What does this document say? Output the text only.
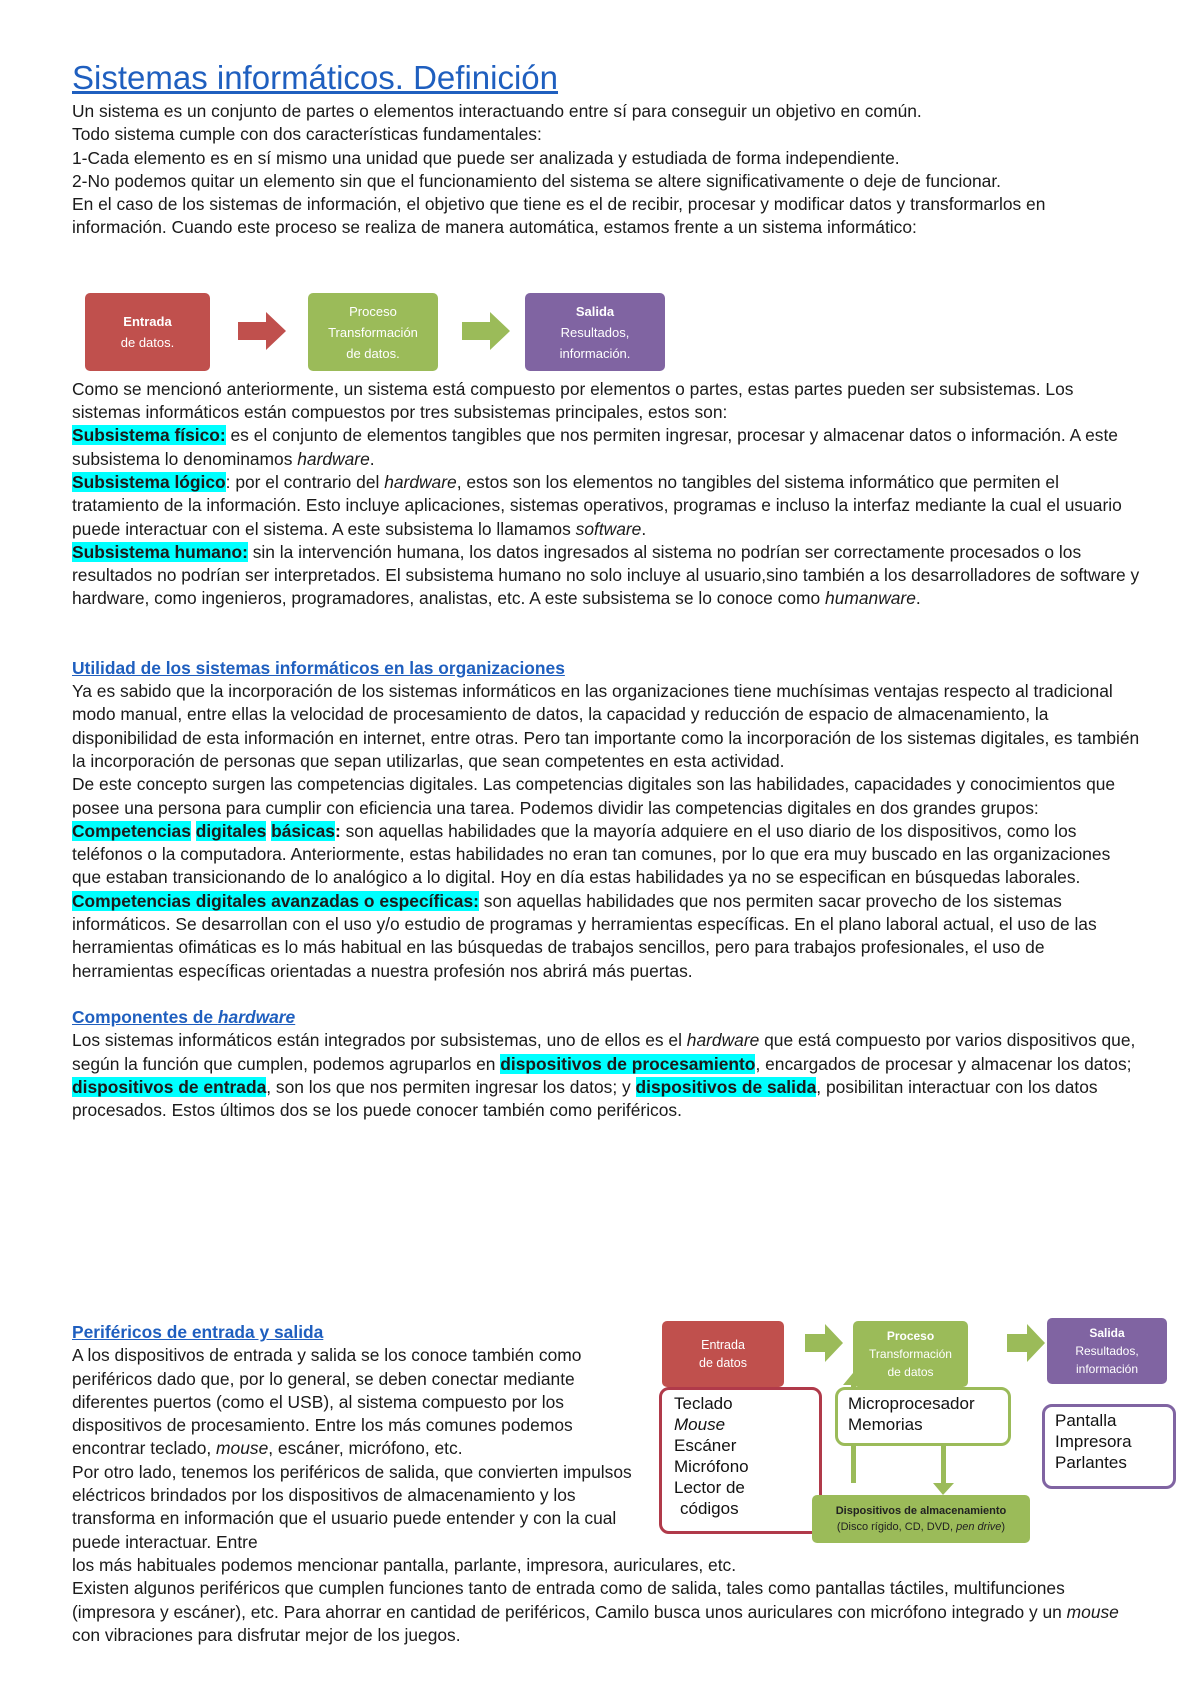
Sistemas informáticos. Definición

Un sistema es un conjunto de partes o elementos interactuando entre sí para conseguir un objetivo en común.

Todo sistema cumple con dos características fundamentales:

1-Cada elemento es en sí mismo una unidad que puede ser analizada y estudiada de forma independiente.

2-No podemos quitar un elemento sin que el funcionamiento del sistema se altere significativamente o deje de funcionar.

En el caso de los sistemas de información, el objetivo que tiene es el de recibir, procesar y modificar datos y transformarlos en información. Cuando este proceso se realiza de manera automática, estamos frente a un sistema informático:

Como se mencionó anteriormente, un sistema está compuesto por elementos o partes, estas partes pueden ser subsistemas. Los sistemas informáticos están compuestos por tres subsistemas principales, estos son:

Subsistema físico: es el conjunto de elementos tangibles que nos permiten ingresar, procesar y almacenar datos o información. A este subsistema lo denominamos hardware.

Subsistema lógico: por el contrario del hardware, estos son los elementos no tangibles del sistema informático que permiten el tratamiento de la información. Esto incluye aplicaciones, sistemas operativos, programas e incluso la interfaz mediante la cual el usuario puede interactuar con el sistema. A este subsistema lo llamamos software.

Subsistema humano: sin la intervención humana, los datos ingresados al sistema no podrían ser correctamente procesados o los resultados no podrían ser interpretados. El subsistema humano no solo incluye al usuario,sino también a los desarrolladores de software y hardware, como ingenieros, programadores, analistas, etc. A este subsistema se lo conoce como humanware.

Utilidad de los sistemas informáticos en las organizaciones

Ya es sabido que la incorporación de los sistemas informáticos en las organizaciones tiene muchísimas ventajas respecto al tradicional modo manual, entre ellas la velocidad de procesamiento de datos, la capacidad y reducción de espacio de almacenamiento, la disponibilidad de esta información en internet, entre otras. Pero tan importante como la incorporación de los sistemas digitales, es también la incorporación de personas que sepan utilizarlas, que sean competentes en esta actividad.

De este concepto surgen las competencias digitales. Las competencias digitales son las habilidades, capacidades y conocimientos que posee una persona para cumplir con eficiencia una tarea. Podemos dividir las competencias digitales en dos grandes grupos:

Competencias digitales básicas: son aquellas habilidades que la mayoría adquiere en el uso diario de los dispositivos, como los teléfonos o la computadora. Anteriormente, estas habilidades no eran tan comunes, por lo que era muy buscado en las organizaciones que estaban transicionando de lo analógico a lo digital. Hoy en día estas habilidades ya no se especifican en búsquedas laborales.

Competencias digitales avanzadas o específicas: son aquellas habilidades que nos permiten sacar provecho de los sistemas informáticos. Se desarrollan con el uso y/o estudio de programas y herramientas específicas. En el plano laboral actual, el uso de las herramientas ofimáticas es lo más habitual en las búsquedas de trabajos sencillos, pero para trabajos profesionales, el uso de herramientas específicas orientadas a nuestra profesión nos abrirá más puertas.

Componentes de hardware

Los sistemas informáticos están integrados por subsistemas, uno de ellos es el hardware que está compuesto por varios dispositivos que, según la función que cumplen, podemos agruparlos en dispositivos de procesamiento, encargados de procesar y almacenar los datos; dispositivos de entrada, son los que nos permiten ingresar los datos; y dispositivos de salida, posibilitan interactuar con los datos procesados. Estos últimos dos se los puede conocer también como periféricos.

Entrada
de datos.
Proceso
Transformación
de datos.
Salida
Resultados,
información.

Periféricos de entrada y salida

A los dispositivos de entrada y salida se los conoce también como periféricos dado que, por lo general, se deben conectar mediante diferentes puertos (como el USB), al sistema compuesto por los dispositivos de procesamiento. Entre los más comunes podemos encontrar teclado, mouse, escáner, micrófono, etc.

Por otro lado, tenemos los periféricos de salida, que convierten impulsos eléctricos brindados por los dispositivos de almacenamiento y los transforma en información que el usuario puede entender y con la cual puede interactuar. Entre

los más habituales podemos mencionar pantalla, parlante, impresora, auriculares, etc.

Existen algunos periféricos que cumplen funciones tanto de entrada como de salida, tales como pantallas táctiles, multifunciones (impresora y escáner), etc. Para ahorrar en cantidad de periféricos, Camilo busca unos auriculares con micrófono integrado y un mouse con vibraciones para disfrutar mejor de los juegos.

Entrada
de datos
Proceso
Transformación
de datos
Salida
Resultados,
información
Teclado
Mouse
Escáner
Micrófono
Lector de
códigos
Microprocesador
Memorias	Pantalla
Impresora
Parlantes
Dispositivos de almacenamiento
(Disco rígido, CD, DVD, pen drive)
